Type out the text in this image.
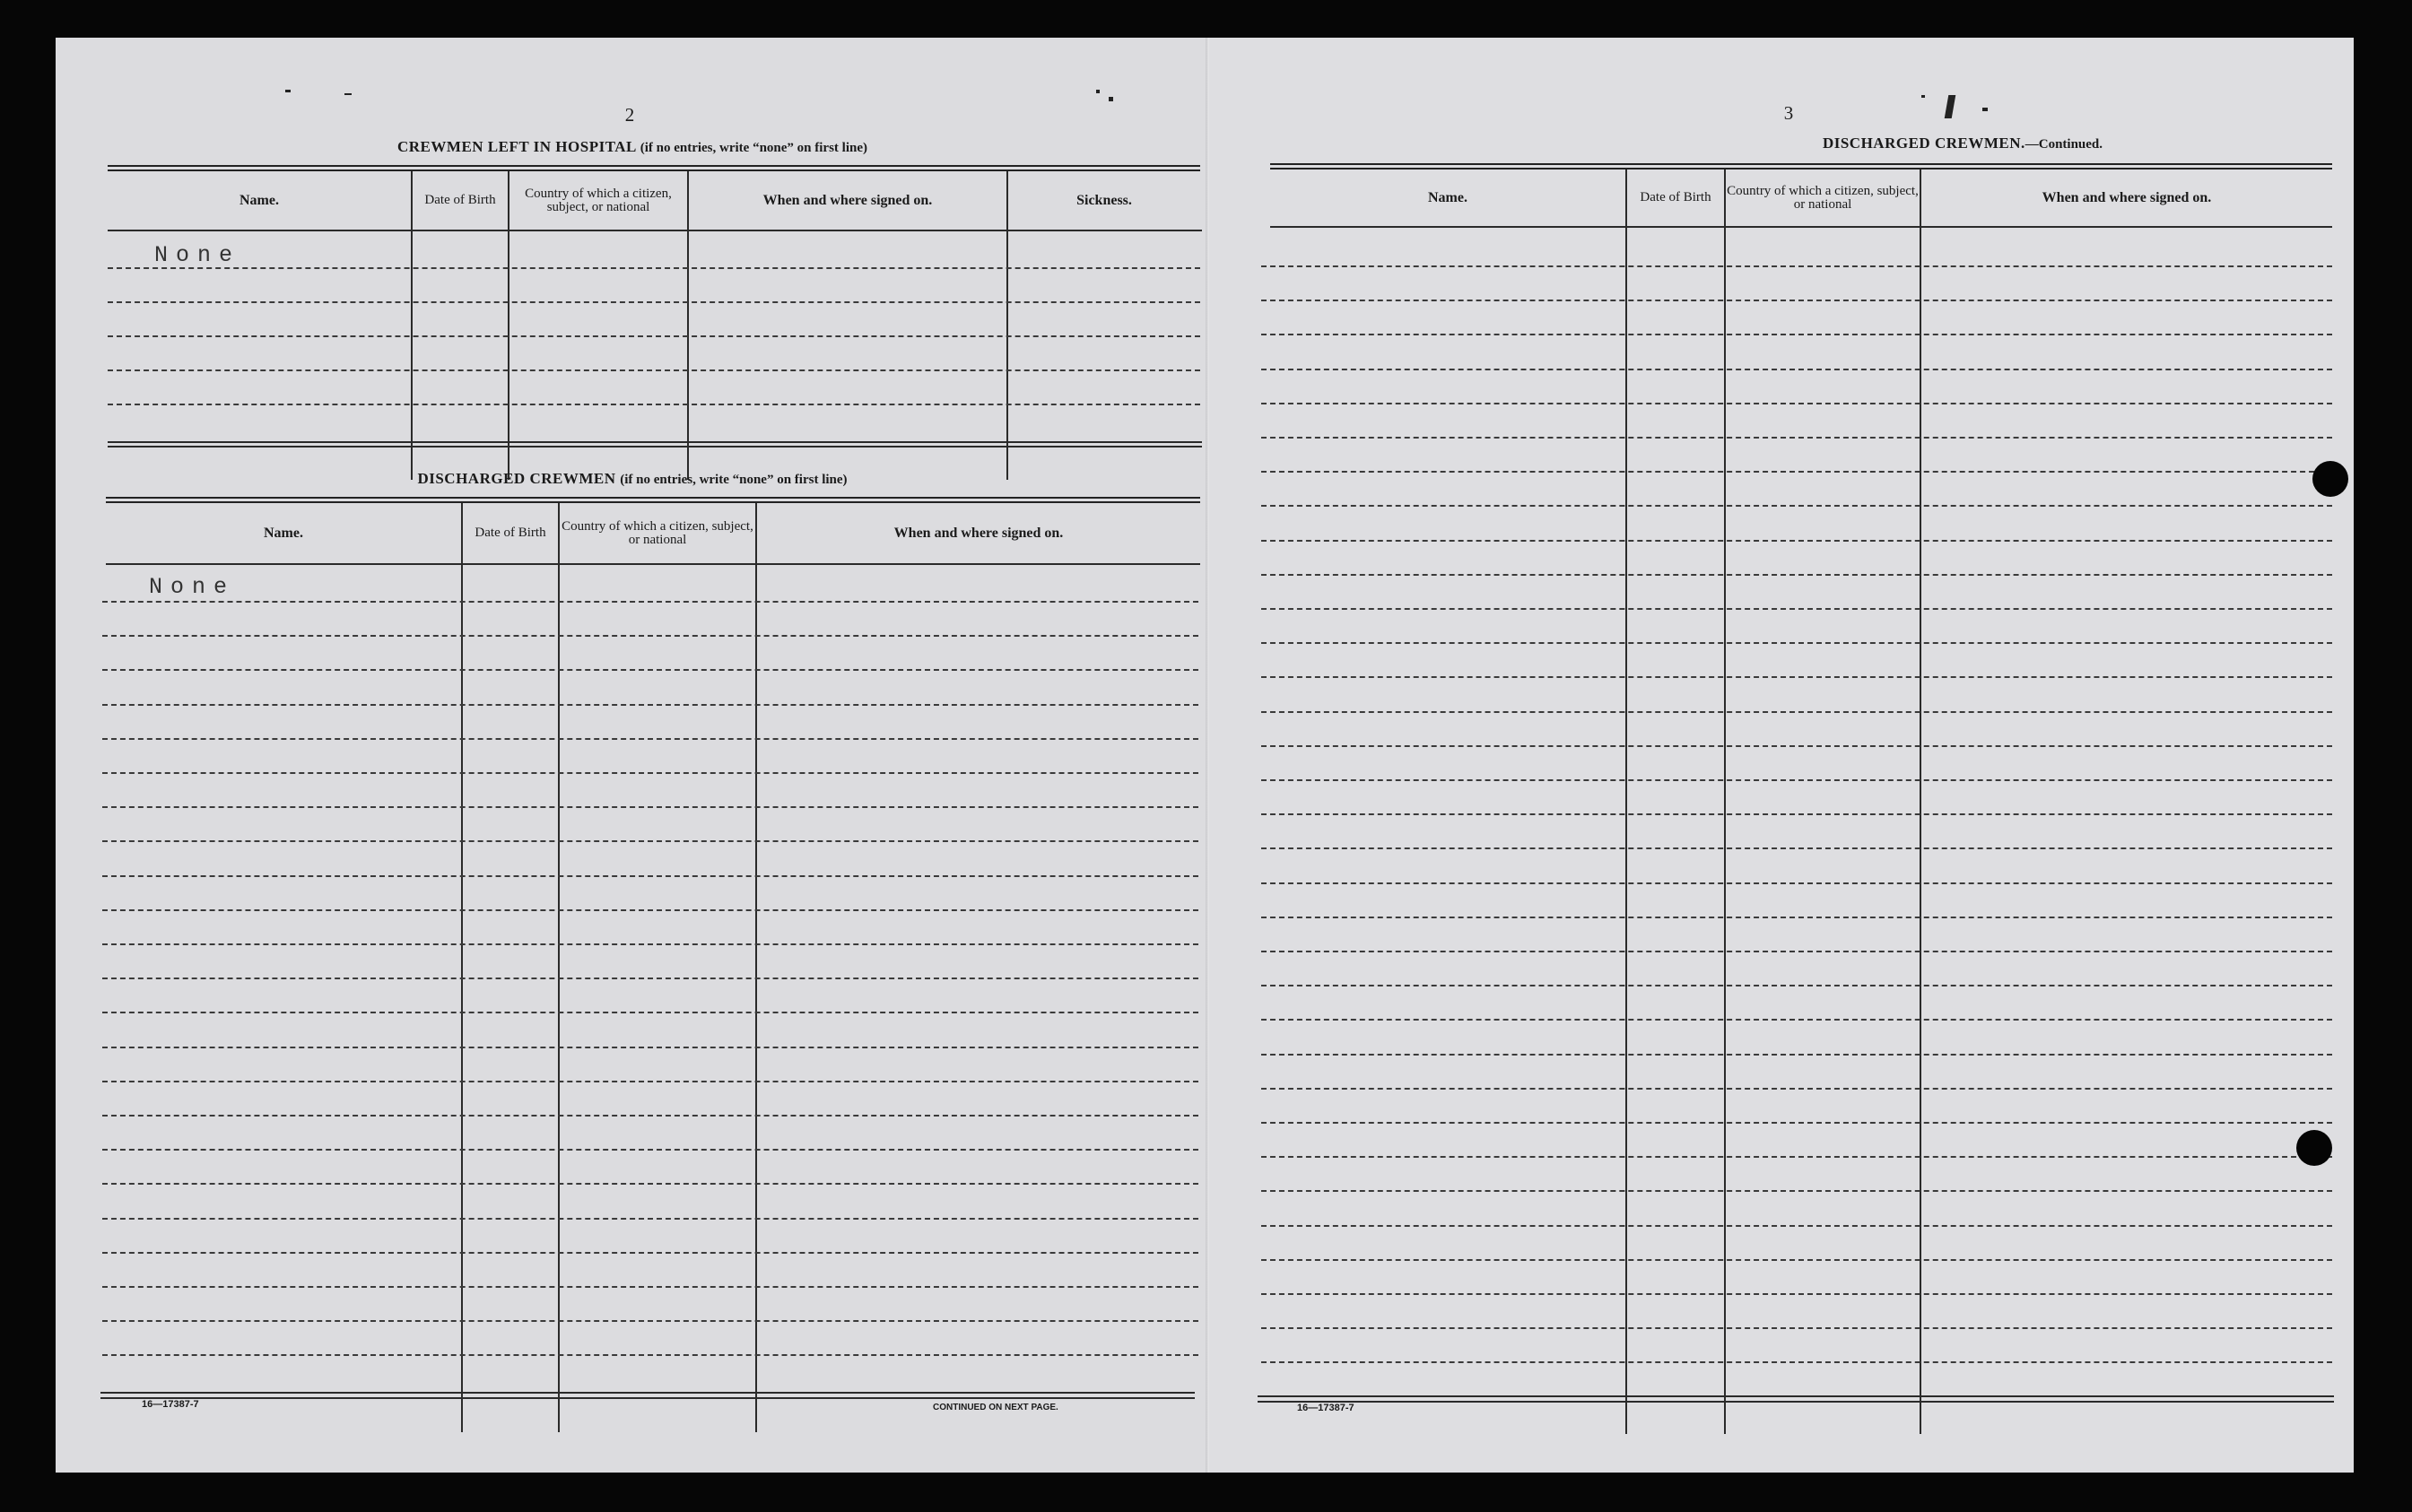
2
CREWMEN LEFT IN HOSPITAL (if no entries, write “none” on first line)
Name.	Date of Birth	Country of which a citizen, subject, or national	When and where signed on.	Sickness.
None
DISCHARGED CREWMEN (if no entries, write “none” on first line)
Name.	Date of Birth	Country of which a citizen, subject, or national	When and where signed on.
None
16—17387-7	CONTINUED ON NEXT PAGE.
3
DISCHARGED CREWMEN.—Continued.
Name.	Date of Birth	Country of which a citizen, subject, or national	When and where signed on.
16—17387-7
